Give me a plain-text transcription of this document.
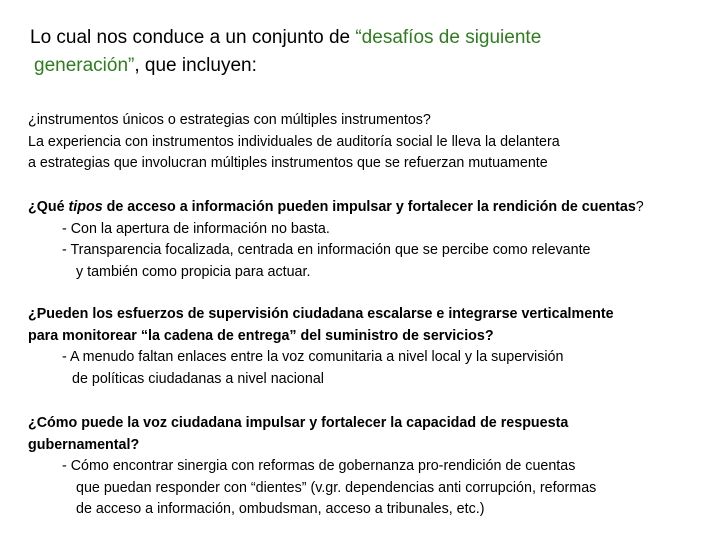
Lo cual nos conduce a un conjunto de “desafíos de siguiente
generación”, que incluyen:

¿instrumentos únicos o estrategias con múltiples instrumentos?

La experiencia con instrumentos individuales de auditoría social le lleva la delantera

a estrategias que involucran múltiples instrumentos que se refuerzan mutuamente

¿Qué tipos de acceso a información pueden impulsar y fortalecer la rendición de cuentas?

- Con la apertura de información no basta.

- Transparencia focalizada, centrada en información que se percibe como relevante

y también como propicia para actuar.

¿Pueden los esfuerzos de supervisión ciudadana escalarse e integrarse verticalmente

para monitorear “la cadena de entrega” del suministro de servicios?

- A menudo faltan enlaces entre la voz comunitaria a nivel local y la supervisión

de políticas ciudadanas a nivel nacional

¿Cómo puede la voz ciudadana impulsar y fortalecer la capacidad de respuesta

gubernamental?

- Cómo encontrar sinergia con reformas de gobernanza pro-rendición de cuentas

que puedan responder con “dientes” (v.gr. dependencias anti corrupción, reformas

de acceso a información, ombudsman, acceso a tribunales, etc.)
